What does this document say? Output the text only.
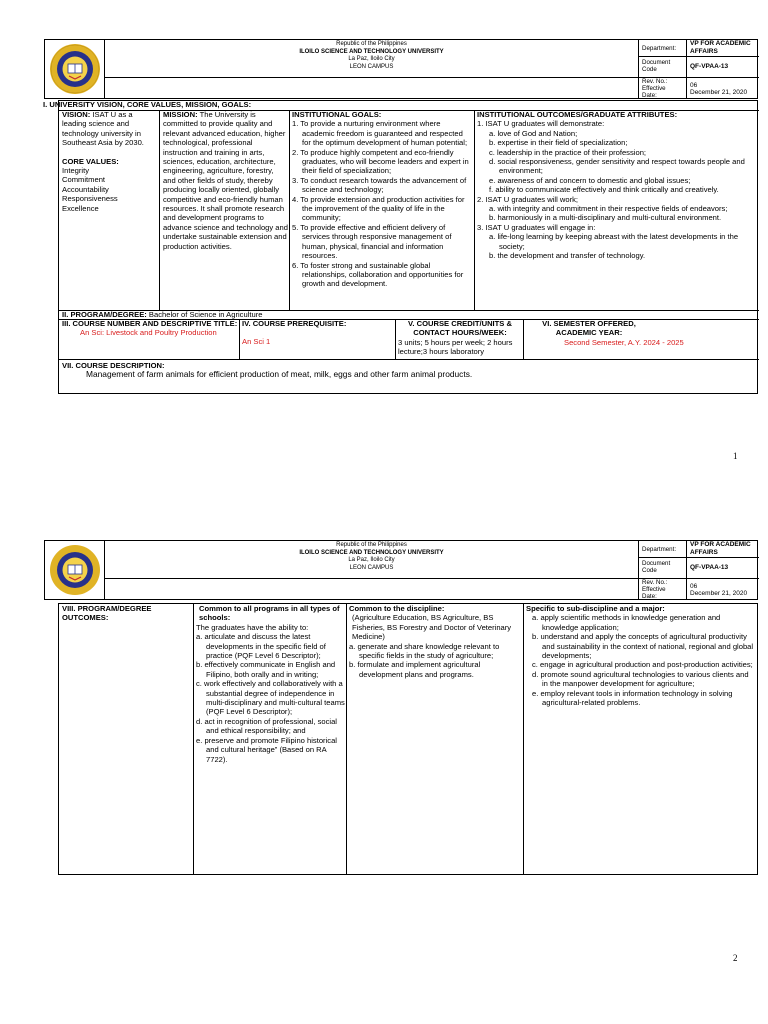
Republic of the Philippines
ILOILO SCIENCE AND TECHNOLOGY UNIVERSITY
La Paz, Iloilo City
LEON CAMPUS
Department:
VP FOR ACADEMIC AFFAIRS
Document Code	QF-VPAA-13
Rev. No.:
Effective Date:
06
December 21, 2020
I. UNIVERSITY VISION, CORE VALUES, MISSION, GOALS:
VISION: ISAT U as a leading science and technology university in Southeast Asia by 2030.
CORE VALUES:
Integrity
Commitment
Accountability
Responsiveness
Excellence
MISSION: The University is committed to provide quality and relevant advanced education, higher technological, professional instruction and training in arts, sciences, education, architecture, engineering, agriculture, forestry, and other fields of study, thereby producing locally oriented, globally competitive and eco-friendly human resources. It shall promote research and development programs to advance science and technology and undertake sustainable extension and production activities.
INSTITUTIONAL GOALS:
1. To provide a nurturing environment where academic freedom is guaranteed and respected for the optimum development of human potential;
2. To produce highly competent and eco-friendly graduates, who will become leaders and expert in their field of specialization;
3. To conduct research towards the advancement of science and technology;
4. To provide extension and production activities for the improvement of the quality of life in the community;
5. To provide effective and efficient delivery of services through responsive management of human, physical, financial and information resources.
6. To foster strong and sustainable global relationships, collaboration and opportunities for growth and development.
INSTITUTIONAL OUTCOMES/GRADUATE ATTRIBUTES:
1. ISAT U graduates will demonstrate:
a. love of God and Nation;
b. expertise in their field of specialization;
c. leadership in the practice of their profession;
d. social responsiveness, gender sensitivity and respect towards people and environment;
e. awareness of and concern to domestic and global issues;
f. ability to communicate effectively and think critically and creatively.
2. ISAT U graduates will work;
a. with integrity and commitment in their respective fields of endeavors;
b. harmoniously in a multi-disciplinary and multi-cultural environment.
3. ISAT U graduates will engage in:
a. life-long learning by keeping abreast with the latest developments in the society;
b. the development and transfer of technology.
II. PROGRAM/DEGREE: Bachelor of Science in Agriculture
III. COURSE NUMBER AND DESCRIPTIVE TITLE:
An Sci: Livestock and Poultry Production
IV. COURSE PREREQUISITE:
An Sci 1
V. COURSE CREDIT/UNITS & CONTACT HOURS/WEEK:
3 units; 5 hours per week; 2 hours lecture;3 hours laboratory
VI. SEMESTER OFFERED, ACADEMIC YEAR:
Second Semester, A.Y. 2024 - 2025
VII. COURSE DESCRIPTION:
Management of farm animals for efficient production of meat, milk, eggs and other farm animal products.
1
Republic of the Philippines
ILOILO SCIENCE AND TECHNOLOGY UNIVERSITY
La Paz, Iloilo City
LEON CAMPUS
Department:
VP FOR ACADEMIC AFFAIRS
Document Code	QF-VPAA-13
Rev. No.:
Effective Date:
06
December 21, 2020
VIII. PROGRAM/DEGREE OUTCOMES:
Common to all programs in all types of schools:
The graduates have the ability to:
a. articulate and discuss the latest developments in the specific field of practice (PQF Level 6 Descriptor);
b. effectively communicate in English and Filipino, both orally and in writing;
c. work effectively and collaboratively with a substantial degree of independence in multi-disciplinary and multi-cultural teams (PQF Level 6 Descriptor);
d. act in recognition of professional, social and ethical responsibility; and
e. preserve and promote Filipino historical and cultural heritage” (Based on RA 7722).
Common to the discipline:
(Agriculture Education, BS Agriculture, BS Fisheries, BS Forestry and Doctor of Veterinary Medicine)
a. generate and share knowledge relevant to specific fields in the study of agriculture;
b. formulate and implement agricultural development plans and programs.
Specific to sub-discipline and a major:
a. apply scientific methods in knowledge generation and knowledge application;
b. understand and apply the concepts of agricultural productivity and sustainability in the context of national, regional and global developments;
c. engage in agricultural production and post-production activities;
d. promote sound agricultural technologies to various clients and in the manpower development for agriculture;
e. employ relevant tools in information technology in solving agricultural-related problems.
2
